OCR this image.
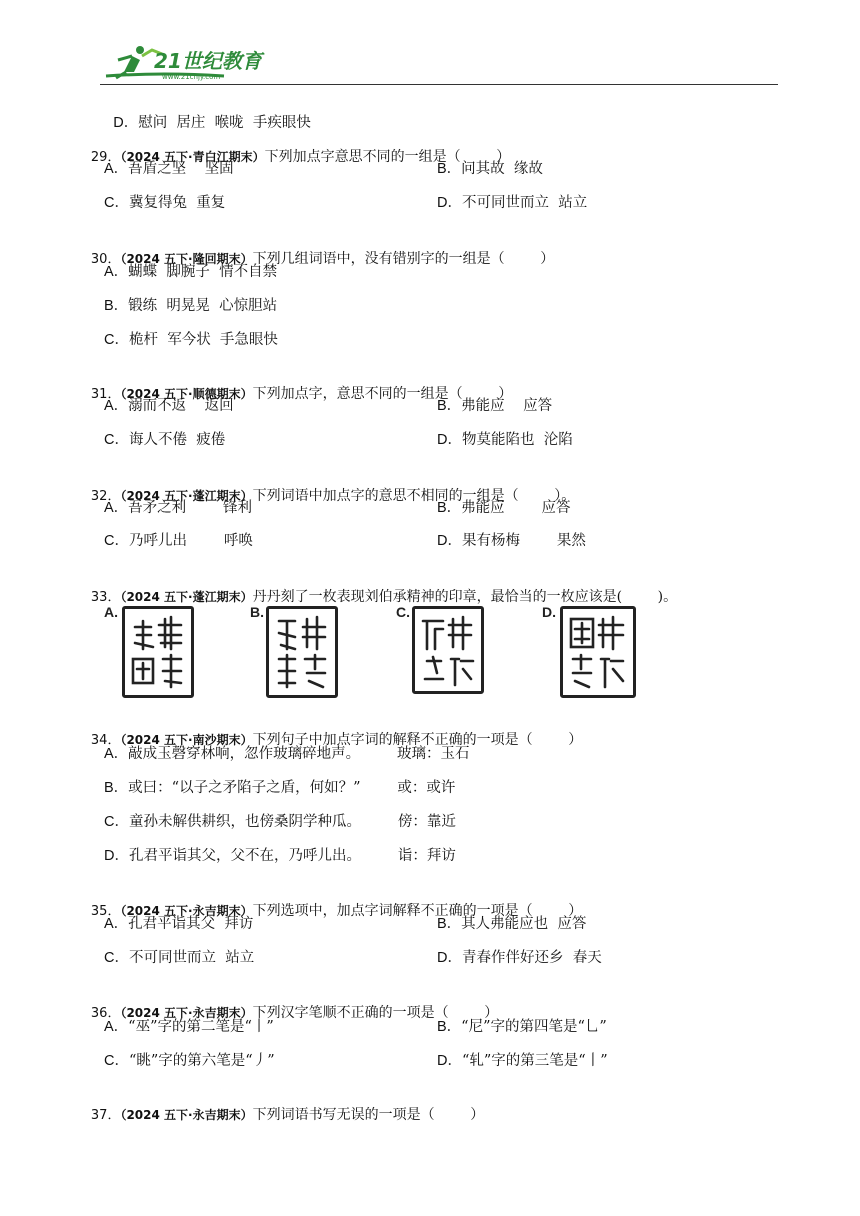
21世纪教育
www.21cnjy.com

D．慰问  居庄  喉咙  手疾眼快

29．（2024 五下·青白江期末）下列加点字意思不同的一组是（        ）

A．吾盾之坚    坚固	B．问其故  缘故
C．冀复得兔  重复	D．不可同世而立  站立

30．（2024 五下·隆回期末）下列几组词语中，没有错别字的一组是（        ）

A．蝴蝶  脚腕子  情不自禁
B．锻练  明晃晃  心惊胆站
C．桅杆  军今状  手急眼快

31．（2024 五下·顺德期末）下列加点字，意思不同的一组是（        ）

A．溺而不返    返回	B．弗能应    应答
C．诲人不倦  疲倦	D．物莫能陷也  沦陷

32．（2024 五下·蓬江期末）下列词语中加点字的意思不相同的一组是（        ）。

A．吾矛之利        锋利	B．弗能应        应答
C．乃呼儿出        呼唤	D．果有杨梅        果然

33．（2024 五下·蓬江期末）丹丹刻了一枚表现刘伯承精神的印章，最恰当的一枚应该是(        )。

A.	B.	C.	D.

34．（2024 五下·南沙期末）下列句子中加点字词的解释不正确的一项是（        ）

A．敲成玉磬穿林响，忽作玻璃碎地声。        玻璃：玉石
B．或曰：“以子之矛陷子之盾，何如？”        或：或许
C．童孙未解供耕织，也傍桑阴学种瓜。        傍：靠近
D．孔君平诣其父，父不在，乃呼儿出。        诣：拜访

35．（2024 五下·永吉期末）下列选项中，加点字词解释不正确的一项是（        ）

A．孔君平诣其父  拜访	B．其人弗能应也  应答
C．不可同世而立  站立	D．青春作伴好还乡  春天

36．（2024 五下·永吉期末）下列汉字笔顺不正确的一项是（        ）

A．“巫”字的第二笔是“丨”	B．“尼”字的第四笔是“乚”
C．“眺”字的第六笔是“丿”	D．“轧”字的第三笔是“丨”

37．（2024 五下·永吉期末）下列词语书写无误的一项是（        ）
